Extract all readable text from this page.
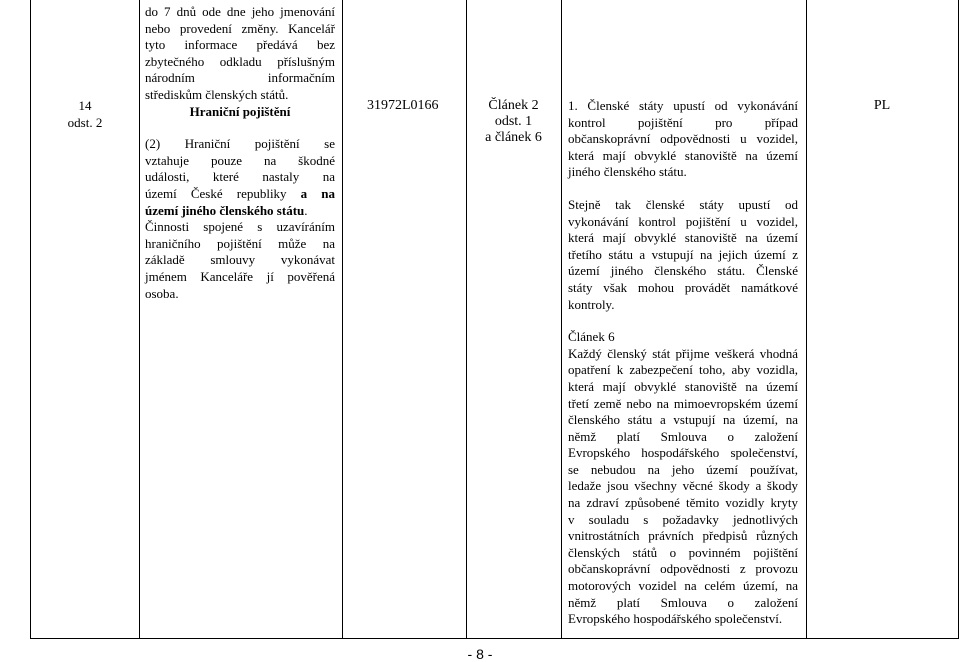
14
odst. 2
do 7 dnů ode dne jeho jmenování
nebo provedení změny. Kancelář
tyto informace předává bez
zbytečného odkladu příslušným
národním informačním
střediskům členských států.
Hraniční pojištění
(2) Hraniční pojištění se
vztahuje pouze na škodné
události, které nastaly na
území České republiky a na
území jiného členského státu.
Činnosti spojené s uzavíráním
hraničního pojištění může na
základě smlouvy vykonávat
jménem Kanceláře jí pověřená
osoba.
31972L0166	Článek 2
odst. 1
a článek 6
1. Členské státy upustí od vykonávání
kontrol pojištění pro případ
občanskoprávní odpovědnosti u vozidel,
která mají obvyklé stanoviště na území
jiného členského státu.
Stejně tak členské státy upustí od
vykonávání kontrol pojištění u vozidel,
která mají obvyklé stanoviště na území
třetího státu a vstupují na jejich území z
území jiného členského státu. Členské
státy však mohou provádět namátkové
kontroly.
Článek 6
Každý členský stát přijme veškerá vhodná
opatření k zabezpečení toho, aby vozidla,
která mají obvyklé stanoviště na území
třetí země nebo na mimoevropském území
členského státu a vstupují na území, na
němž platí Smlouva o založení
Evropského hospodářského společenství,
se nebudou na jeho území používat,
ledaže jsou všechny věcné škody a škody
na zdraví způsobené těmito vozidly kryty
v souladu s požadavky jednotlivých
vnitrostátních právních předpisů různých
členských států o povinném pojištění
občanskoprávní odpovědnosti z provozu
motorových vozidel na celém území, na
němž platí Smlouva o založení
Evropského hospodářského společenství.
PL
- 8 -
